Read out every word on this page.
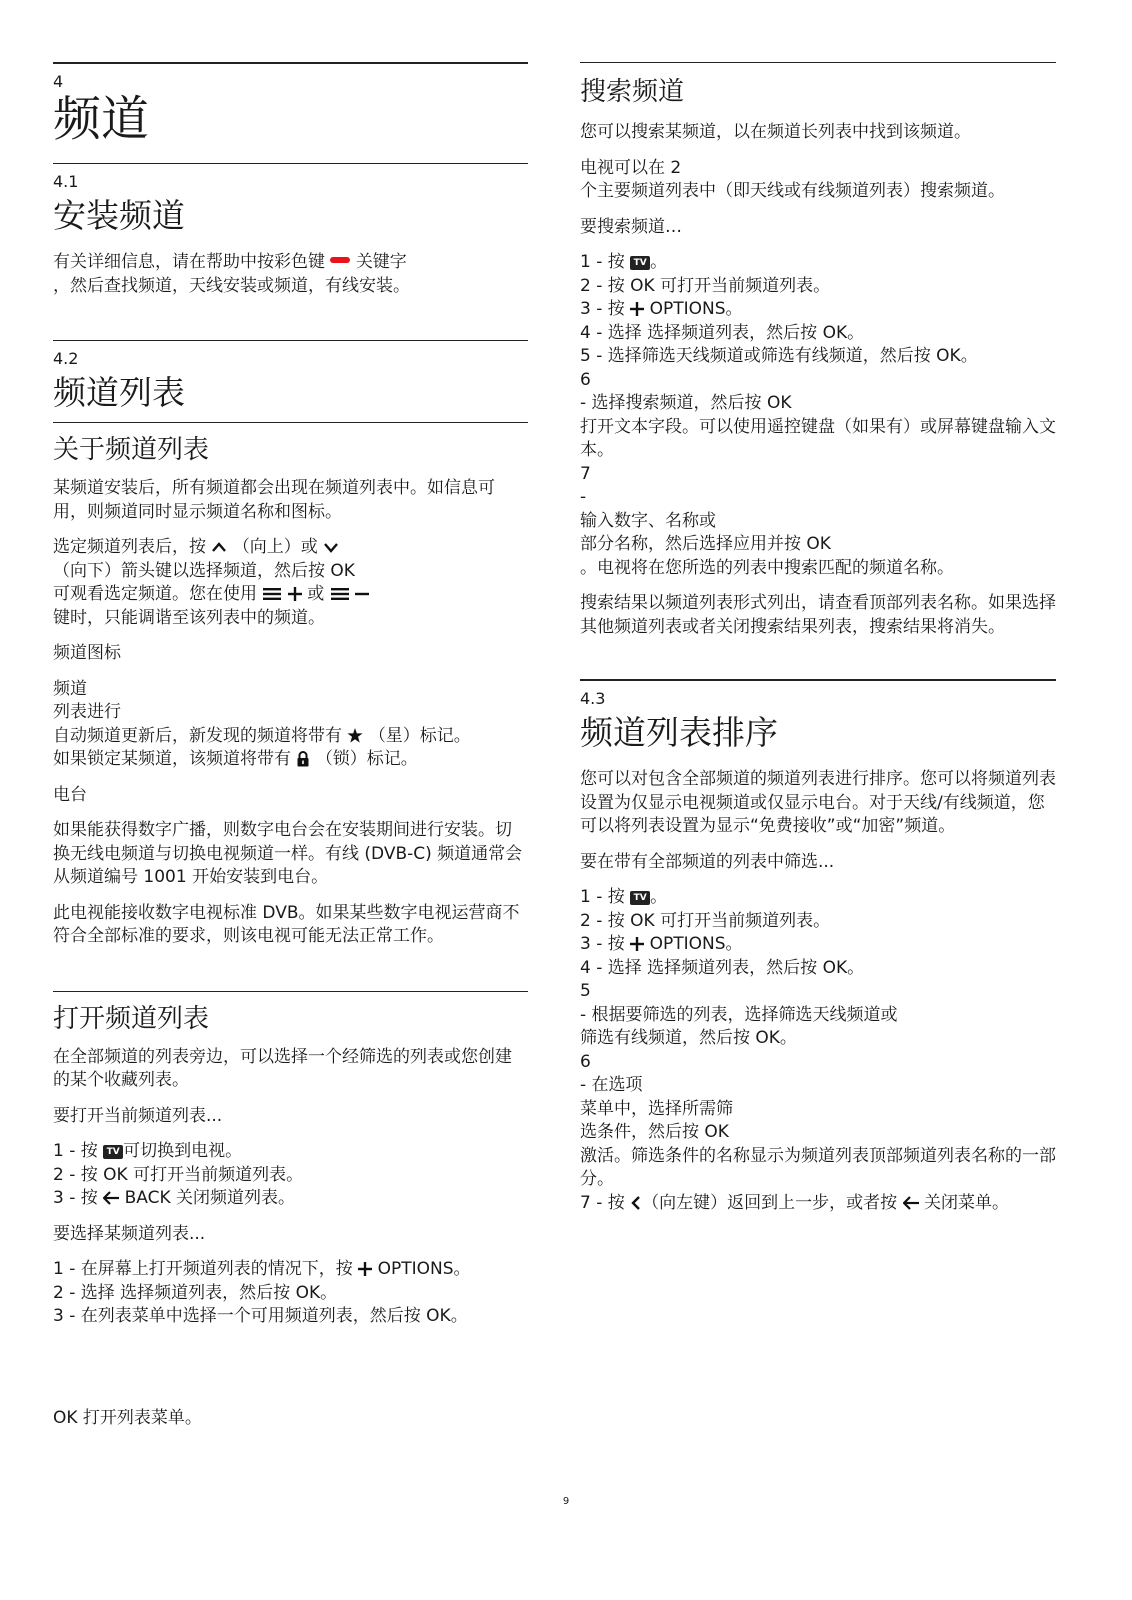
4
频道
4.1
安装频道

有关详细信息，请在帮助中按彩色键 关键字
，然后查找频道，天线安装或频道，有线安装。

4.2
频道列表
关于频道列表

某频道安装后，所有频道都会出现在频道列表中。如信息可用，则频道同时显示频道名称和图标。

选定频道列表后，按 （向上）或
（向下）箭头键以选择频道，然后按 OK
可观看选定频道。您在使用	或
键时，只能调谐至该列表中的频道。

频道图标

频道
列表进行
自动频道更新后，新发现的频道将带有 （星）标记。
如果锁定某频道，该频道将带有 （锁）标记。

电台

如果能获得数字广播，则数字电台会在安装期间进行安装。切换无线电频道与切换电视频道一样。有线 (DVB-C) 频道通常会从频道编号 1001 开始安装到电台。

此电视能接收数字电视标准 DVB。如果某些数字电视运营商不符合全部标准的要求，则该电视可能无法正常工作。

打开频道列表

在全部频道的列表旁边，可以选择一个经筛选的列表或您创建的某个收藏列表。

要打开当前频道列表...

1 - 按 TV 可切换到电视。
2 - 按 OK 可打开当前频道列表。
3 - 按 BACK 关闭频道列表。

要选择某频道列表...

1 - 在屏幕上打开频道列表的情况下，按 OPTIONS。
2 - 选择 选择频道列表，然后按 OK。
3 - 在列表菜单中选择一个可用频道列表，然后按 OK。

OK 打开列表菜单。

搜索频道

您可以搜索某频道，以在频道长列表中找到该频道。

电视可以在 2
个主要频道列表中（即天线或有线频道列表）搜索频道。

要搜索频道…

1 - 按 TV 。
2 - 按 OK 可打开当前频道列表。
3 - 按 OPTIONS。
4 - 选择 选择频道列表，然后按 OK。
5 - 选择筛选天线频道或筛选有线频道，然后按 OK。
6
- 选择搜索频道，然后按 OK
打开文本字段。可以使用遥控键盘（如果有）或屏幕键盘输入文本。
7
-
输入数字、名称或
部分名称，然后选择应用并按 OK
。电视将在您所选的列表中搜索匹配的频道名称。

搜索结果以频道列表形式列出，请查看顶部列表名称。如果选择其他频道列表或者关闭搜索结果列表，搜索结果将消失。

4.3
频道列表排序

您可以对包含全部频道的频道列表进行排序。您可以将频道列表设置为仅显示电视频道或仅显示电台。对于天线/有线频道，您可以将列表设置为显示“免费接收”或“加密”频道。

要在带有全部频道的列表中筛选...

1 - 按 TV 。
2 - 按 OK 可打开当前频道列表。
3 - 按 OPTIONS。
4 - 选择 选择频道列表，然后按 OK。
5
- 根据要筛选的列表，选择筛选天线频道或
筛选有线频道，然后按 OK。
6
- 在选项
菜单中，选择所需筛
选条件，然后按 OK
激活。筛选条件的名称显示为频道列表顶部频道列表名称的一部分。
7 - 按 （向左键）返回到上一步，或者按 关闭菜单。

9
